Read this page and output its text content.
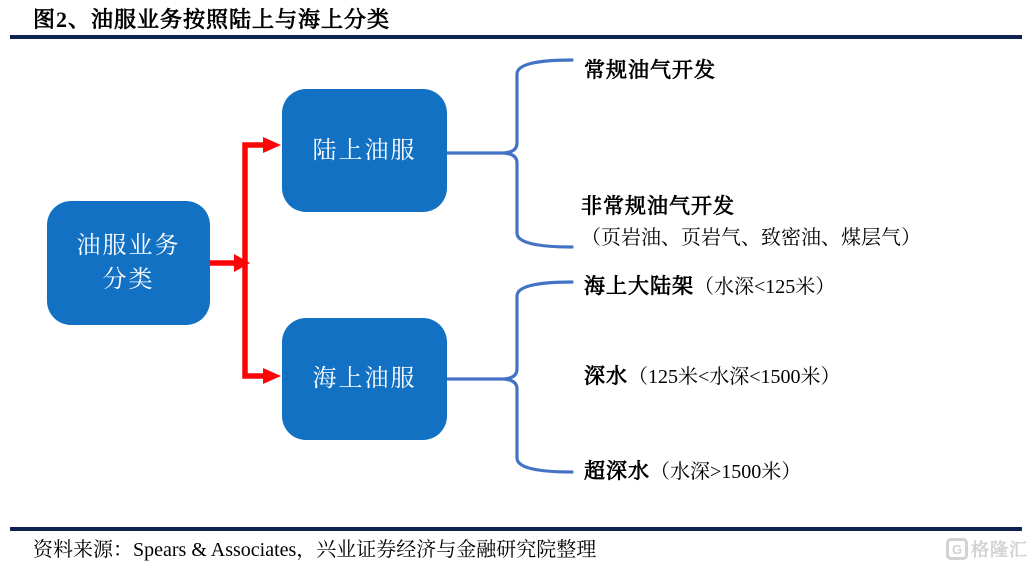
图2、油服业务按照陆上与海上分类
油服业务
分类
陆上油服
海上油服
常规油气开发
非常规油气开发
（页岩油、页岩气、致密油、煤层气）
海上大陆架（水深<125米）
深水（125米<水深<1500米）
超深水（水深>1500米）
资料来源：Spears & Associates，兴业证券经济与金融研究院整理	G 格隆汇
